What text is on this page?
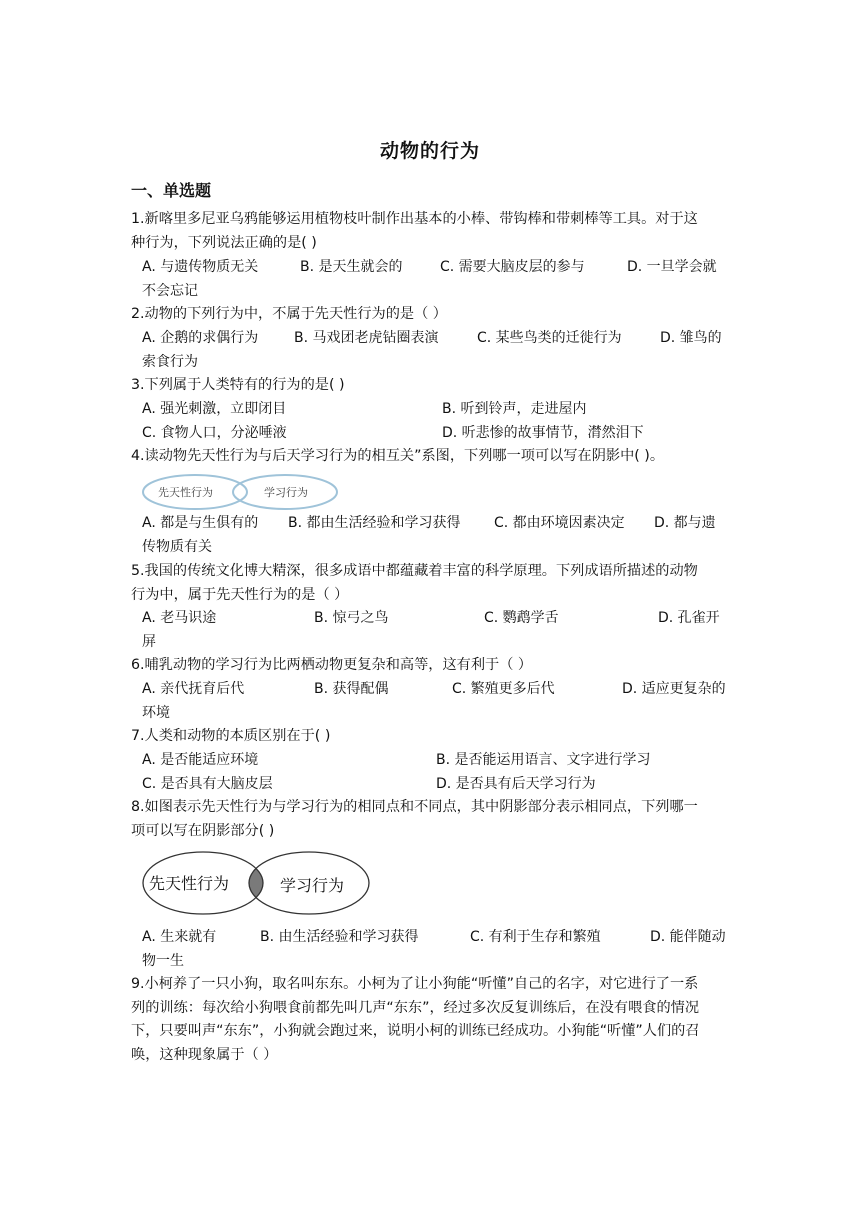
动物的行为
一、单选题
1.新喀里多尼亚乌鸦能够运用植物枝叶制作出基本的小棒、带钩棒和带刺棒等工具。对于这
种行为，下列说法正确的是( )
A. 与遗传物质无关	B. 是天生就会的	C. 需要大脑皮层的参与	D. 一旦学会就
不会忘记
2.动物的下列行为中，不属于先天性行为的是（ ）
A. 企鹅的求偶行为	B. 马戏团老虎钻圈表演	C. 某些鸟类的迁徙行为	D. 雏鸟的
索食行为
3.下列属于人类特有的行为的是( )
A. 强光刺激，立即闭目	B. 听到铃声，走进屋内
C. 食物人口，分泌唾液	D. 听悲惨的故事情节，潸然泪下
4.读动物先天性行为与后天学习行为的相互关”系图，下列哪一项可以写在阴影中( )。
先天性行为	学习行为
A. 都是与生俱有的 B. 都由生活经验和学习获得 C. 都由环境因素决定 D. 都与遗
传物质有关
5.我国的传统文化博大精深，很多成语中都蕴藏着丰富的科学原理。下列成语所描述的动物
行为中，属于先天性行为的是（ ）
A. 老马识途	B. 惊弓之鸟	C. 鹦鹉学舌	D. 孔雀开
屏
6.哺乳动物的学习行为比两栖动物更复杂和高等，这有利于（ ）
A. 亲代抚育后代	B. 获得配偶	C. 繁殖更多后代	D. 适应更复杂的
环境
7.人类和动物的本质区别在于( )
A. 是否能适应环境	B. 是否能运用语言、文字进行学习
C. 是否具有大脑皮层	D. 是否具有后天学习行为
8.如图表示先天性行为与学习行为的相同点和不同点，其中阴影部分表示相同点，下列哪一
项可以写在阴影部分( )
先天性行为	学习行为
A. 生来就有	B. 由生活经验和学习获得	C. 有利于生存和繁殖	D. 能伴随动
物一生
9.小柯养了一只小狗，取名叫东东。小柯为了让小狗能“听懂”自己的名字，对它进行了一系
列的训练：每次给小狗喂食前都先叫几声“东东”，经过多次反复训练后，在没有喂食的情况
下，只要叫声“东东”，小狗就会跑过来，说明小柯的训练已经成功。小狗能“听懂”人们的召
唤，这种现象属于（ ）
